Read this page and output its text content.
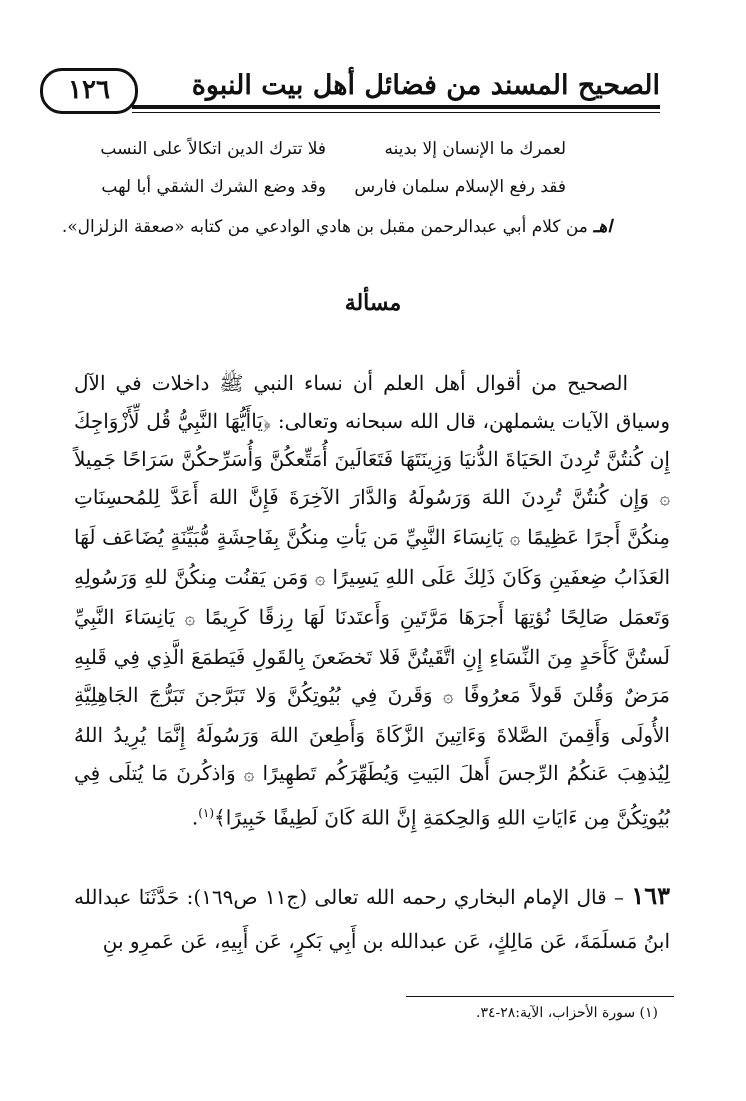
الصحيح المسند من فضائل أهل بيت النبوة
١٢٦
لعمرك ما الإنسان إلا بدينه
فلا تترك الدين اتكالاً على النسب
فقد رفع الإسلام سلمان فارس
وقد وضع الشرك الشقي أبا لهب
اهـ من كلام أبي عبدالرحمن مقبل بن هادي الوادعي من كتابه «صعقة الزلزال».
مسألة
الصحيح من أقوال أهل العلم أن نساء النبي ﷺ داخلات في الآل وسياق الآيات يشملهن، قال الله سبحانه وتعالى: ﴿يَاأَيُّهَا النَّبِيُّ قُل لِّأَزْوَاجِكَ إِن كُنتُنَّ تُرِدنَ الحَيَاةَ الدُّنيَا وَزِينَتَهَا فَتَعَالَينَ أُمَتِّعكُنَّ وَأُسَرِّحكُنَّ سَرَاحًا جَمِيلاً ۞ وَإِن كُنتُنَّ تُرِدنَ اللهَ وَرَسُولَهُ وَالدَّارَ الآخِرَةَ فَإِنَّ اللهَ أَعَدَّ لِلمُحسِنَاتِ مِنكُنَّ أَجرًا عَظِيمًا ۞ يَانِسَاءَ النَّبِيِّ مَن يَأتِ مِنكُنَّ بِفَاحِشَةٍ مُّبَيِّنَةٍ يُضَاعَف لَهَا العَذَابُ ضِعفَينِ وَكَانَ ذَلِكَ عَلَى اللهِ يَسِيرًا ۞ وَمَن يَقنُت مِنكُنَّ للهِ وَرَسُولِهِ وَتَعمَل صَالِحًا نُؤتِهَا أَجرَهَا مَرَّتَينِ وَأَعتَدنَا لَهَا رِزقًا كَرِيمًا ۞ يَانِسَاءَ النَّبِيِّ لَستُنَّ كَأَحَدٍ مِنَ النِّسَاءِ إِنِ اتَّقَيتُنَّ فَلا تَخضَعنَ بِالقَولِ فَيَطمَعَ الَّذِي فِي قَلبِهِ مَرَضٌ وَقُلنَ قَولاً مَعرُوفًا ۞ وَقَرنَ فِي بُيُوتِكُنَّ وَلا تَبَرَّجنَ تَبَرُّجَ الجَاهِلِيَّةِ الأُولَى وَأَقِمنَ الصَّلاةَ وَءَاتِينَ الزَّكَاةَ وَأَطِعنَ اللهَ وَرَسُولَهُ إِنَّمَا يُرِيدُ اللهُ لِيُذهِبَ عَنكُمُ الرِّجسَ أَهلَ البَيتِ وَيُطَهِّرَكُم تَطهِيرًا ۞ وَاذكُرنَ مَا يُتلَى فِي بُيُوتِكُنَّ مِن ءَايَاتِ اللهِ وَالحِكمَةِ إِنَّ اللهَ كَانَ لَطِيفًا خَبِيرًا﴾$^{(١)}$.
١٦٣ – قال الإمام البخاري رحمه الله تعالى (ج١١ ص١٦٩): حَدَّثَنَا عبدالله ابنُ مَسلَمَةَ، عَن مَالِكٍ، عَن عبدالله بن أَبِي بَكرٍ، عَن أَبِيهِ، عَن عَمرِو بنِ
(١) سورة الأحزاب، الآية:٢٨-٣٤.
